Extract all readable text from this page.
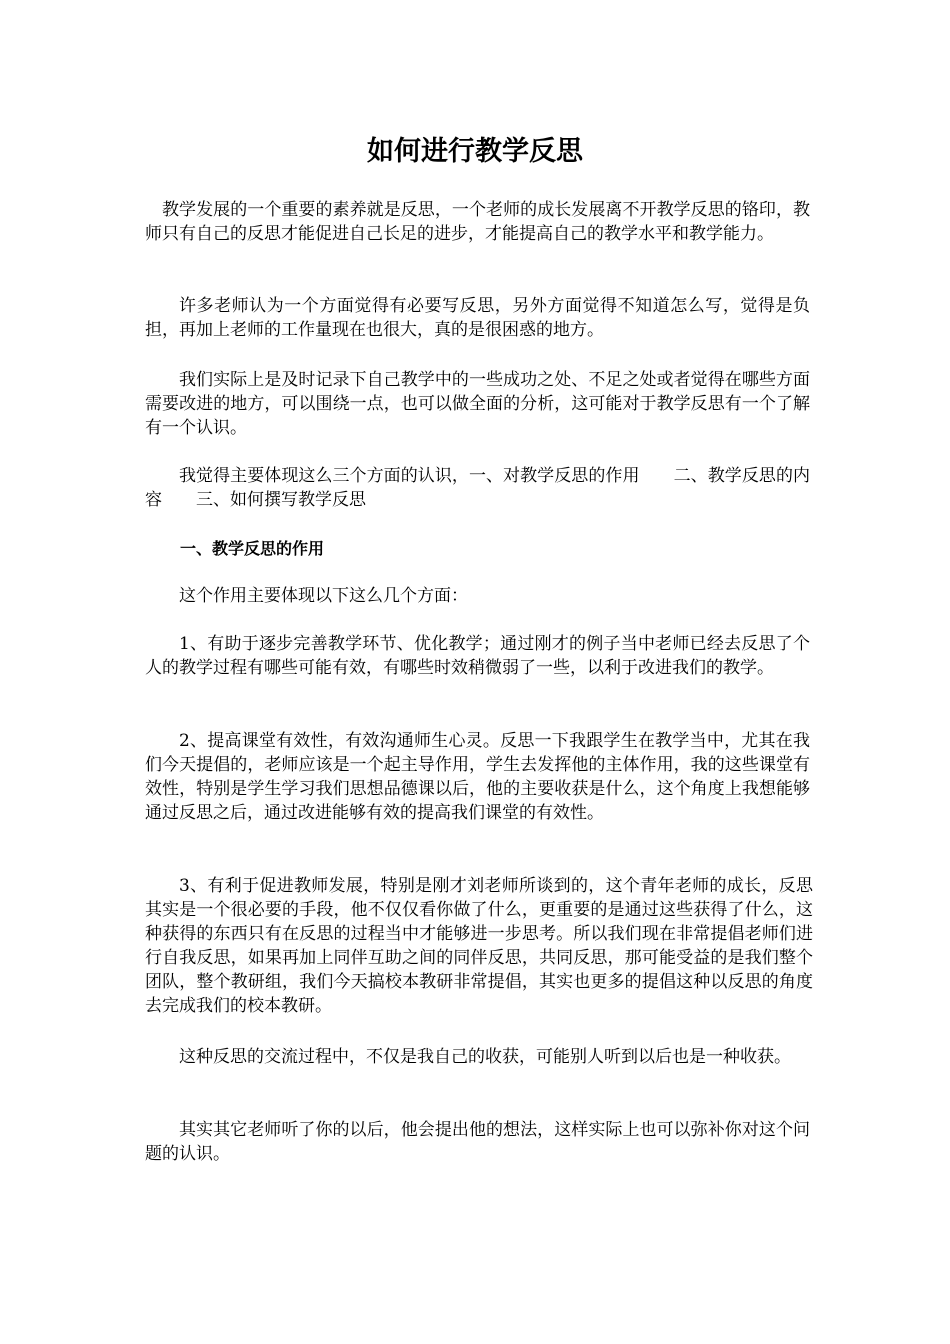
如何进行教学反思

教学发展的一个重要的素养就是反思，一个老师的成长发展离不开教学反思的铬印，教师只有自己的反思才能促进自己长足的进步，才能提高自己的教学水平和教学能力。

许多老师认为一个方面觉得有必要写反思，另外方面觉得不知道怎么写，觉得是负担，再加上老师的工作量现在也很大，真的是很困惑的地方。

我们实际上是及时记录下自己教学中的一些成功之处、不足之处或者觉得在哪些方面需要改进的地方，可以围绕一点，也可以做全面的分析，这可能对于教学反思有一个了解有一个认识。

我觉得主要体现这么三个方面的认识，一、对教学反思的作用　　二、教学反思的内容　　三、如何撰写教学反思

一、教学反思的作用

这个作用主要体现以下这么几个方面：

1、有助于逐步完善教学环节、优化教学；通过刚才的例子当中老师已经去反思了个人的教学过程有哪些可能有效，有哪些时效稍微弱了一些，以利于改进我们的教学。

2、提高课堂有效性，有效沟通师生心灵。反思一下我跟学生在教学当中，尤其在我们今天提倡的，老师应该是一个起主导作用，学生去发挥他的主体作用，我的这些课堂有效性，特别是学生学习我们思想品德课以后，他的主要收获是什么，这个角度上我想能够通过反思之后，通过改进能够有效的提高我们课堂的有效性。

3、有利于促进教师发展，特别是刚才刘老师所谈到的，这个青年老师的成长，反思其实是一个很必要的手段，他不仅仅看你做了什么，更重要的是通过这些获得了什么，这种获得的东西只有在反思的过程当中才能够进一步思考。所以我们现在非常提倡老师们进行自我反思，如果再加上同伴互助之间的同伴反思，共同反思，那可能受益的是我们整个团队，整个教研组，我们今天搞校本教研非常提倡，其实也更多的提倡这种以反思的角度去完成我们的校本教研。

这种反思的交流过程中，不仅是我自己的收获，可能别人听到以后也是一种收获。

其实其它老师听了你的以后，他会提出他的想法，这样实际上也可以弥补你对这个问题的认识。
